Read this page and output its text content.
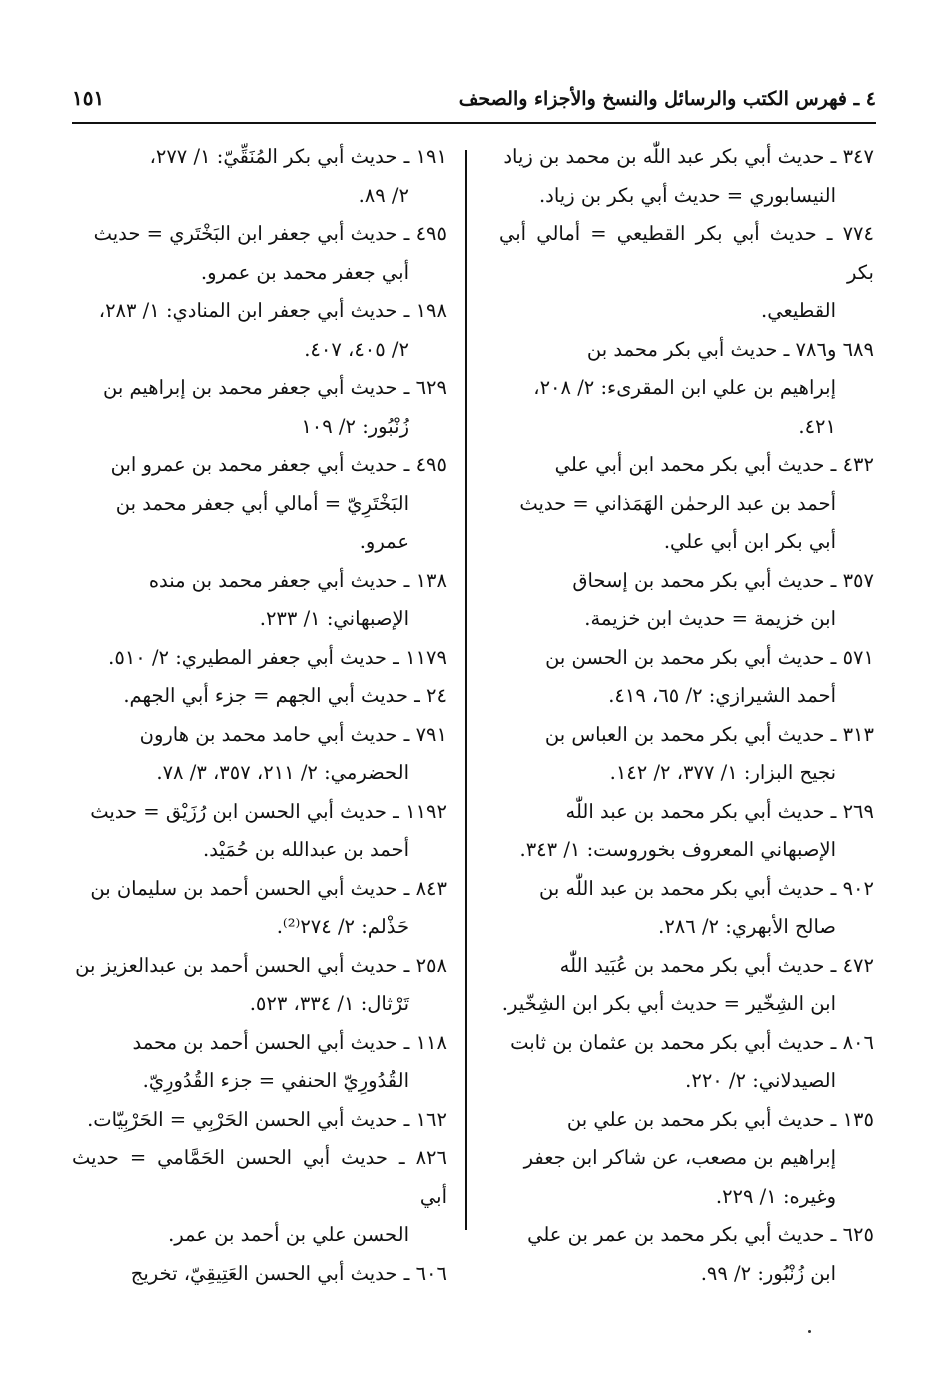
٤ ـ فهرس الكتب والرسائل والنسخ والأجزاء والصحف
١٥١

٣٤٧ ـ حديث أبي بكر عبد اللّٰه بن محمد بن زياد
النيسابوري = حديث أبي بكر بن زياد.

٧٧٤ ـ حديث أبي بكر القطيعي = أمالي أبي بكر
القطيعي.

٦٨٩ و٧٨٦ ـ حديث أبي بكر محمد بن
إبراهيم بن علي ابن المقرىء: ٢/ ٢٠٨،
٤٢١.

٤٣٢ ـ حديث أبي بكر محمد ابن أبي علي
أحمد بن عبد الرحمٰن الهَمَذاني = حديث
أبي بكر ابن أبي علي.

٣٥٧ ـ حديث أبي بكر محمد بن إسحاق
ابن خزيمة = حديث ابن خزيمة.

٥٧١ ـ حديث أبي بكر محمد بن الحسن بن
أحمد الشيرازي: ٢/ ٦٥، ٤١٩.

٣١٣ ـ حديث أبي بكر محمد بن العباس بن
نجيح البزار: ١/ ٣٧٧، ٢/ ١٤٢.

٢٦٩ ـ حديث أبي بكر محمد بن عبد اللّٰه
الإصبهاني المعروف بخوروست: ١/ ٣٤٣.

٩٠٢ ـ حديث أبي بكر محمد بن عبد اللّٰه بن
صالح الأبهري: ٢/ ٢٨٦.

٤٧٢ ـ حديث أبي بكر محمد بن عُبَيد اللّٰه
ابن الشِخّير = حديث أبي بكر ابن الشِخّير.

٨٠٦ ـ حديث أبي بكر محمد بن عثمان بن ثابت
الصيدلاني: ٢/ ٢٢٠.

١٣٥ ـ حديث أبي بكر محمد بن علي بن
إبراهيم بن مصعب، عن شاكر ابن جعفر
وغيره: ١/ ٢٢٩.

٦٢٥ ـ حديث أبي بكر محمد بن عمر بن علي
ابن زُنْبُور: ٢/ ٩٩.

١٩١ ـ حديث أبي بكر المُنَقِّيّ: ١/ ٢٧٧،
٢/ ٨٩.

٤٩٥ ـ حديث أبي جعفر ابن البَخْتَري = حديث
أبي جعفر محمد بن عمرو.

١٩٨ ـ حديث أبي جعفر ابن المنادي: ١/ ٢٨٣،
٢/ ٤٠٥، ٤٠٧.

٦٢٩ ـ حديث أبي جعفر محمد بن إبراهيم بن
زُنْبُور: ٢/ ١٠٩

٤٩٥ ـ حديث أبي جعفر محمد بن عمرو ابن
البَخْتَرِيّ = أمالي أبي جعفر محمد بن
عمرو.

١٣٨ ـ حديث أبي جعفر محمد بن منده
الإصبهاني: ١/ ٢٣٣.

١١٧٩ ـ حديث أبي جعفر المطيري: ٢/ ٥١٠.

٢٤ ـ حديث أبي الجهم = جزء أبي الجهم.

٧٩١ ـ حديث أبي حامد محمد بن هارون
الحضرمي: ٢/ ٢١١، ٣٥٧، ٣/ ٧٨.

١١٩٢ ـ حديث أبي الحسن ابن رُزَيْق = حديث
أحمد بن عبدالله بن حُمَيْد.

٨٤٣ ـ حديث أبي الحسن أحمد بن سليمان بن
حَذْلم: ٢/ ٢٧٤⁽²⁾.

٢٥٨ ـ حديث أبي الحسن أحمد بن عبدالعزيز بن
تَرْثال: ١/ ٣٣٤، ٥٢٣.

١١٨ ـ حديث أبي الحسن أحمد بن محمد
القُدُورِيّ الحنفي = جزء القُدُورِيّ.

١٦٢ ـ حديث أبي الحسن الحَرْبِي = الحَرْبِيّات.

٨٢٦ ـ حديث أبي الحسن الحَمَّامي = حديث أبي
الحسن علي بن أحمد بن عمر.

٦٠٦ ـ حديث أبي الحسن العَتِيقِيّ، تخريج
